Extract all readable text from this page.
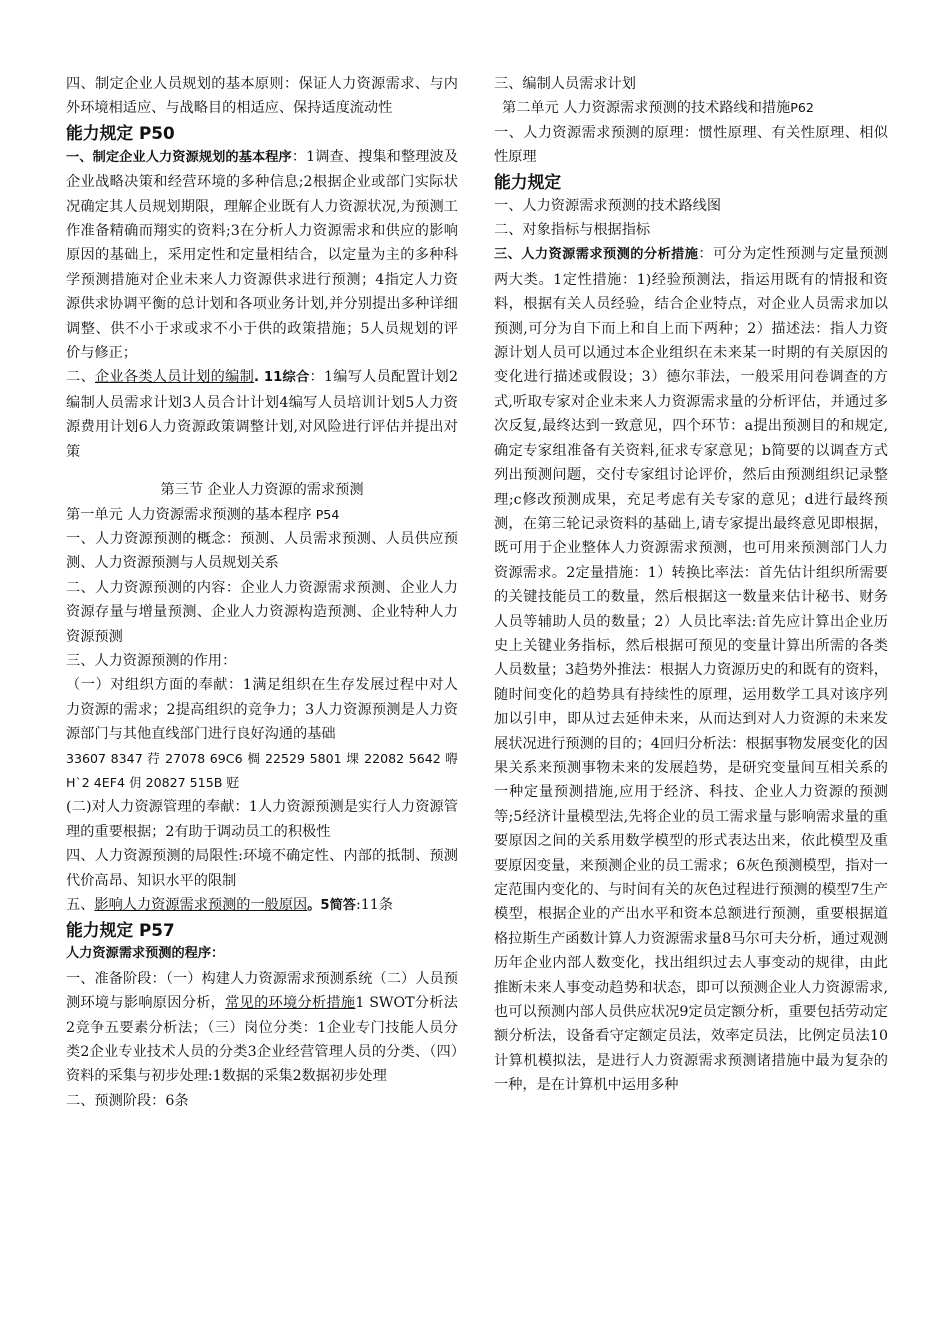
四、制定企业人员规划的基本原则：保证人力资源需求、与内外环境相适应、与战略目的相适应、保持适度流动性

能力规定 P50

一、制定企业人力资源规划的基本程序：1调查、搜集和整理波及企业战略决策和经营环境的多种信息;2根据企业或部门实际状况确定其人员规划期限，理解企业既有人力资源状况,为预测工作准备精确而翔实的资料;3在分析人力资源需求和供应的影响原因的基础上，采用定性和定量相结合，以定量为主的多种科学预测措施对企业未来人力资源供求进行预测；4指定人力资源供求协调平衡的总计划和各项业务计划,并分别提出多种详细调整、供不小于求或求不小于供的政策措施；5人员规划的评价与修正；

二、企业各类人员计划的编制. 11综合：1编写人员配置计划2编制人员需求计划3人员合计计划4编写人员培训计划5人力资源费用计划6人力资源政策调整计划,对风险进行评估并提出对策

第三节 企业人力资源的需求预测

第一单元 人力资源需求预测的基本程序 P54

一、人力资源预测的概念：预测、人员需求预测、人员供应预测、人力资源预测与人员规划关系

二、人力资源预测的内容：企业人力资源需求预测、企业人力资源存量与增量预测、企业人力资源构造预测、企业特种人力资源预测

三、人力资源预测的作用：

（一）对组织方面的奉献：1满足组织在生存发展过程中对人力资源的需求；2提高组织的竞争力；3人力资源预测是人力资源部门与其他直线部门进行良好沟通的基础

33607 8347 荇 27078 69C6 椆 22529 5801 堁 22082 5642 嘚 H`2 4EF4 仴 20827 515B 觃

(二)对人力资源管理的奉献：1人力资源预测是实行人力资源管理的重要根据；2有助于调动员工的积极性

四、人力资源预测的局限性:环境不确定性、内部的抵制、预测代价高昂、知识水平的限制

五、影响人力资源需求预测的一般原因。5简答:11条

能力规定 P57

人力资源需求预测的程序：

一、准备阶段：（一）构建人力资源需求预测系统（二）人员预测环境与影响原因分析，常见的环境分析措施1 SWOT分析法2竞争五要素分析法；（三）岗位分类：1企业专门技能人员分类2企业专业技术人员的分类3企业经营管理人员的分类、（四）资料的采集与初步处理:1数据的采集2数据初步处理

二、预测阶段：6条

三、编制人员需求计划

第二单元 人力资源需求预测的技术路线和措施P62

一、人力资源需求预测的原理：惯性原理、有关性原理、相似性原理

能力规定

一、人力资源需求预测的技术路线图

二、对象指标与根据指标

三、人力资源需求预测的分析措施：可分为定性预测与定量预测两大类。1定性措施：1)经验预测法，指运用既有的情报和资料，根据有关人员经验，结合企业特点，对企业人员需求加以预测,可分为自下而上和自上而下两种；2）描述法：指人力资源计划人员可以通过本企业组织在未来某一时期的有关原因的变化进行描述或假设；3）德尔菲法，一般采用问卷调查的方式,听取专家对企业未来人力资源需求量的分析评估，并通过多次反复,最终达到一致意见，四个环节：a提出预测目的和规定,确定专家组准备有关资料,征求专家意见；b简要的以调查方式列出预测问题，交付专家组讨论评价，然后由预测组织记录整理;c修改预测成果，充足考虑有关专家的意见；d进行最终预测，在第三轮记录资料的基础上,请专家提出最终意见即根据，既可用于企业整体人力资源需求预测，也可用来预测部门人力资源需求。2定量措施：1）转换比率法：首先估计组织所需要的关键技能员工的数量，然后根据这一数量来估计秘书、财务人员等辅助人员的数量；2）人员比率法:首先应计算出企业历史上关键业务指标，然后根据可预见的变量计算出所需的各类人员数量；3趋势外推法：根据人力资源历史的和既有的资料，随时间变化的趋势具有持续性的原理，运用数学工具对该序列加以引申，即从过去延伸未来，从而达到对人力资源的未来发展状况进行预测的目的；4回归分析法：根据事物发展变化的因果关系来预测事物未来的发展趋势，是研究变量间互相关系的一种定量预测措施,应用于经济、科技、企业人力资源的预测等;5经济计量模型法,先将企业的员工需求量与影响需求量的重要原因之间的关系用数学模型的形式表达出来，依此模型及重要原因变量，来预测企业的员工需求；6灰色预测模型，指对一定范围内变化的、与时间有关的灰色过程进行预测的模型7生产模型，根据企业的产出水平和资本总额进行预测，重要根据道格拉斯生产函数计算人力资源需求量8马尔可夫分析，通过观测历年企业内部人数变化，找出组织过去人事变动的规律，由此推断未来人事变动趋势和状态，即可以预测企业人力资源需求,也可以预测内部人员供应状况9定员定额分析，重要包括劳动定额分析法，设备看守定额定员法，效率定员法，比例定员法10计算机模拟法，是进行人力资源需求预测诸措施中最为复杂的一种，是在计算机中运用多种
